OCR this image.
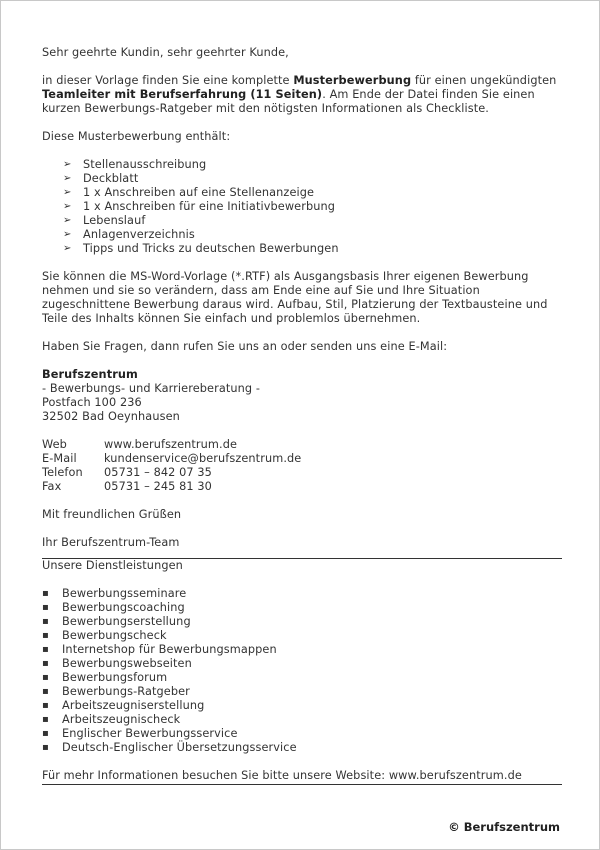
Sehr geehrte Kundin, sehr geehrter Kunde,

in dieser Vorlage finden Sie eine komplette Musterbewerbung für einen ungekündigten Teamleiter mit Berufserfahrung (11 Seiten). Am Ende der Datei finden Sie einen kurzen Bewerbungs-Ratgeber mit den nötigsten Informationen als Checkliste.

Diese Musterbewerbung enthält:

➢ Stellenausschreibung
➢ Deckblatt
➢ 1 x Anschreiben auf eine Stellenanzeige
➢ 1 x Anschreiben für eine Initiativbewerbung
➢ Lebenslauf
➢ Anlagenverzeichnis
➢ Tipps und Tricks zu deutschen Bewerbungen

Sie können die MS-Word-Vorlage (*.RTF) als Ausgangsbasis Ihrer eigenen Bewerbung nehmen und sie so verändern, dass am Ende eine auf Sie und Ihre Situation zugeschnittene Bewerbung daraus wird. Aufbau, Stil, Platzierung der Textbausteine und Teile des Inhalts können Sie einfach und problemlos übernehmen.

Haben Sie Fragen, dann rufen Sie uns an oder senden uns eine E-Mail:

Berufszentrum

- Bewerbungs- und Karriereberatung -

Postfach 100 236

32502 Bad Oeynhausen

Web	www.berufszentrum.de
E-Mail	kundenservice@berufszentrum.de
Telefon	05731 – 842 07 35
Fax	05731 – 245 81 30

Mit freundlichen Grüßen

Ihr Berufszentrum-Team

Unsere Dienstleistungen

▪ Bewerbungsseminare
▪ Bewerbungscoaching
▪ Bewerbungserstellung
▪ Bewerbungscheck
▪ Internetshop für Bewerbungsmappen
▪ Bewerbungswebseiten
▪ Bewerbungsforum
▪ Bewerbungs-Ratgeber
▪ Arbeitszeugniserstellung
▪ Arbeitszeugnischeck
▪ Englischer Bewerbungsservice
▪ Deutsch-Englischer Übersetzungsservice

Für mehr Informationen besuchen Sie bitte unsere Website: www.berufszentrum.de

© Berufszentrum
